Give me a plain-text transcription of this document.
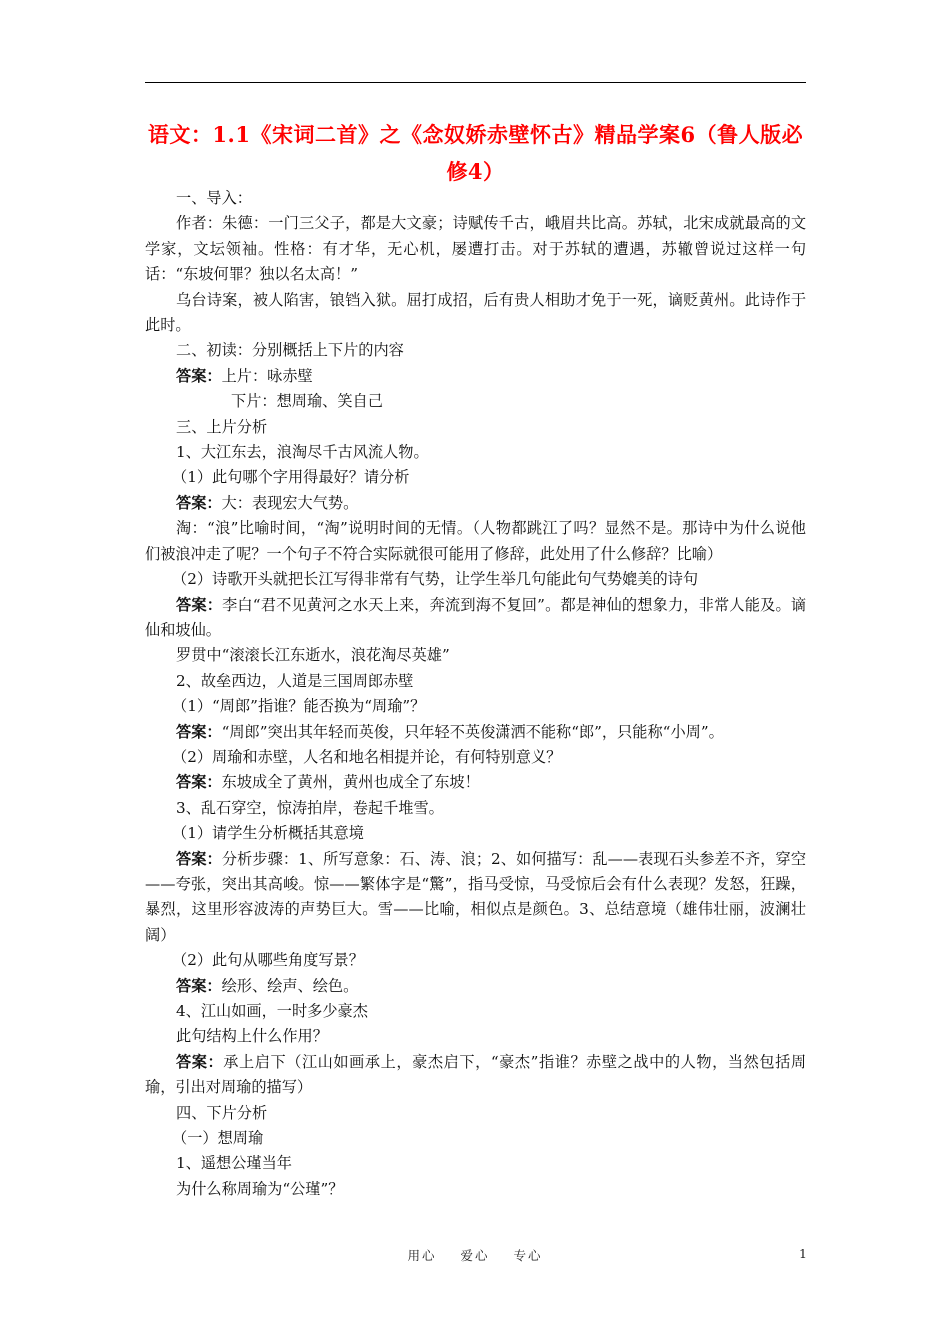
语文：1.1《宋词二首》之《念奴娇赤壁怀古》精品学案6（鲁人版必修4）

一、导入：

作者：朱德：一门三父子，都是大文豪；诗赋传千古，峨眉共比高。苏轼，北宋成就最高的文学家，文坛领袖。性格：有才华，无心机，屡遭打击。对于苏轼的遭遇，苏辙曾说过这样一句话：“东坡何罪？独以名太高！”

乌台诗案，被人陷害，锒铛入狱。屈打成招，后有贵人相助才免于一死，谪贬黄州。此诗作于此时。

二、初读：分别概括上下片的内容

答案：上片：咏赤壁

下片：想周瑜、笑自己

三、上片分析

1、大江东去，浪淘尽千古风流人物。

（1）此句哪个字用得最好？请分析

答案：大：表现宏大气势。

淘：“浪”比喻时间，“淘”说明时间的无情。（人物都跳江了吗？显然不是。那诗中为什么说他们被浪冲走了呢？一个句子不符合实际就很可能用了修辞，此处用了什么修辞？比喻）

（2）诗歌开头就把长江写得非常有气势，让学生举几句能此句气势媲美的诗句

答案：李白“君不见黄河之水天上来，奔流到海不复回”。都是神仙的想象力，非常人能及。谪仙和坡仙。

罗贯中“滚滚长江东逝水，浪花淘尽英雄”

2、故垒西边，人道是三国周郎赤壁

（1）“周郎”指谁？能否换为“周瑜”？

答案：“周郎”突出其年轻而英俊，只年轻不英俊潇洒不能称“郎”，只能称“小周”。

（2）周瑜和赤壁，人名和地名相提并论，有何特别意义？

答案：东坡成全了黄州，黄州也成全了东坡！

3、乱石穿空，惊涛拍岸，卷起千堆雪。

（1）请学生分析概括其意境

答案：分析步骤：1、所写意象：石、涛、浪；2、如何描写：乱——表现石头参差不齐，穿空——夸张，突出其高峻。惊——繁体字是“驚”，指马受惊，马受惊后会有什么表现？发怒，狂躁，暴烈，这里形容波涛的声势巨大。雪——比喻，相似点是颜色。3、总结意境（雄伟壮丽，波澜壮阔）

（2）此句从哪些角度写景？

答案：绘形、绘声、绘色。

4、江山如画，一时多少豪杰

此句结构上什么作用？

答案：承上启下（江山如画承上，豪杰启下，“豪杰”指谁？赤壁之战中的人物，当然包括周瑜，引出对周瑜的描写）

四、下片分析

（一）想周瑜

1、遥想公瑾当年

为什么称周瑜为“公瑾”？

用心 爱心 专心	1
